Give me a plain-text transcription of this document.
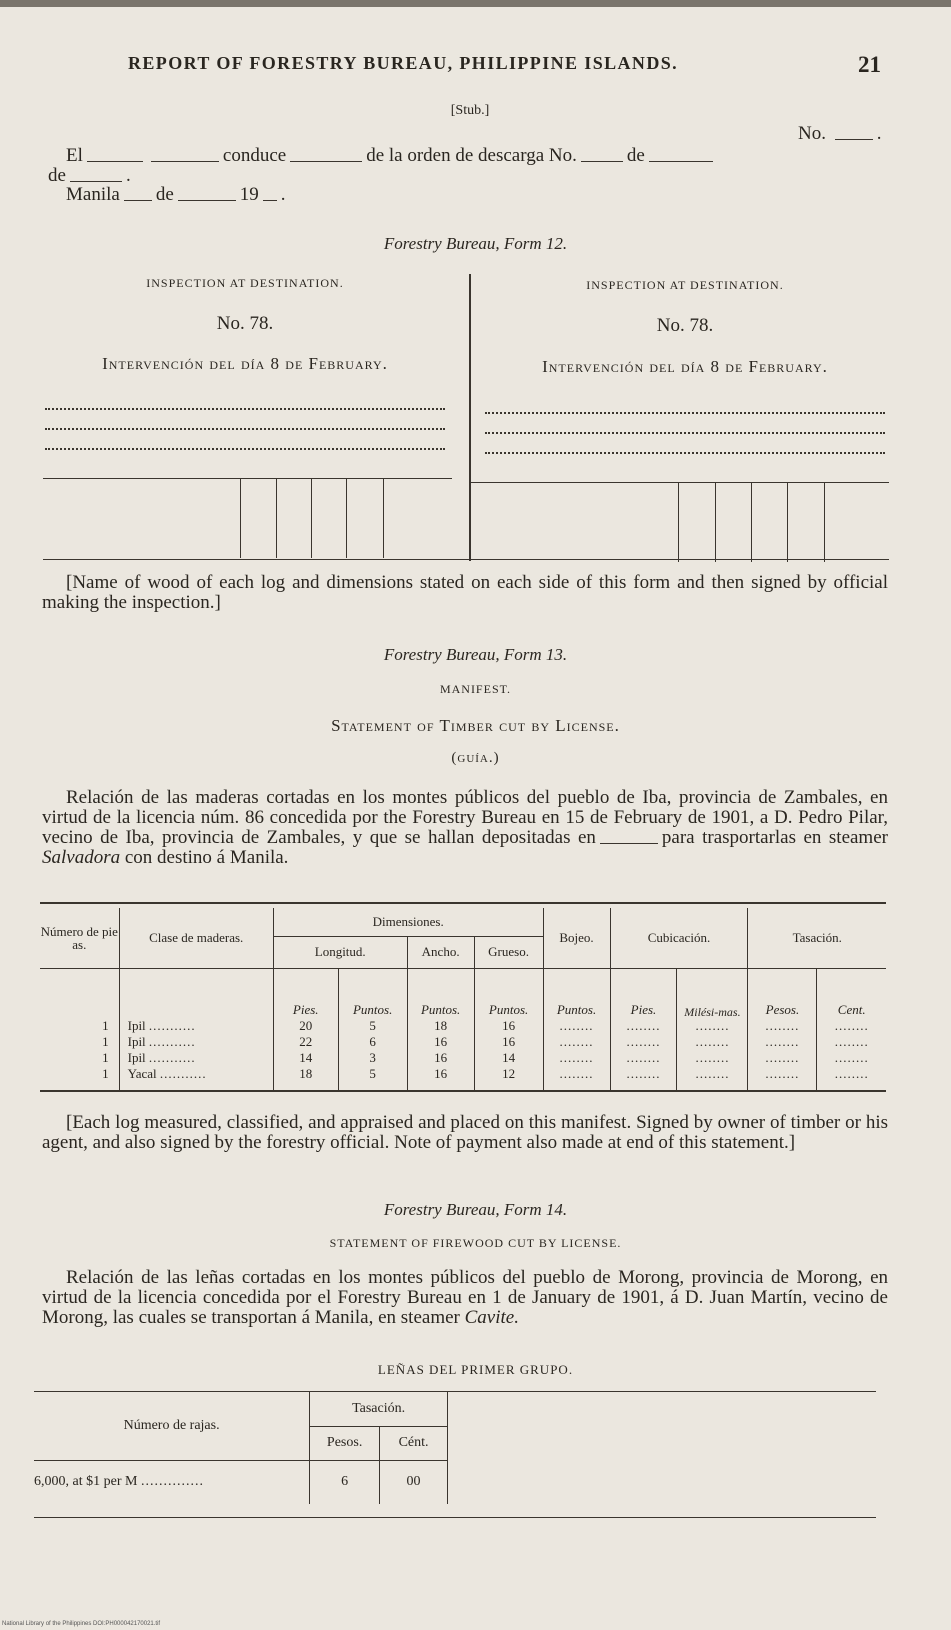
REPORT OF FORESTRY BUREAU, PHILIPPINE ISLANDS.	21
[Stub.]
No.	.
El	conduce	de la orden de descarga No.	de
de	.
Manila de	19 .
Forestry Bureau, Form 12.
INSPECTION AT DESTINATION.
No. 78.
Intervención del día 8 de February.
INSPECTION AT DESTINATION.
No. 78.
Intervención del día 8 de February.
[Name of wood of each log and dimensions stated on each side of this form and then signed by official making the inspection.]
Forestry Bureau, Form 13.
MANIFEST.
Statement of Timber cut by License.
(guía.)
Relación de las maderas cortadas en los montes públicos del pueblo de Iba, provincia de Zambales, en virtud de la licencia núm. 86 concedida por the Forestry Bureau en 15 de February de 1901, a D. Pedro Pilar, vecino de Iba, provincia de Zambales, y que se hallan depositadas en	para trasportarlas en steamer Salvadora con destino á Manila.
Número de pie as.	Clase de maderas.	Dimensiones.				Bojeo.	Cubicación.		Tasación.	
		Longitud.		Ancho.	Grueso.					
		Pies.	Puntos.	Puntos.	Puntos.	Puntos.	Pies.	Milési-mas.	Pesos.	Cent.
1	Ipil ...........	20	5	18	16	........	........	........	........	........
1	Ipil ...........	22	6	16	16	........	........	........	........	........
1	Ipil ...........	14	3	16	14	........	........	........	........	........
1	Yacal ...........	18	5	16	12	........	........	........	........	........

[Each log measured, classified, and appraised and placed on this manifest. Signed by owner of timber or his agent, and also signed by the forestry official. Note of payment also made at end of this statement.]
Forestry Bureau, Form 14.
STATEMENT OF FIREWOOD CUT BY LICENSE.
Relación de las leñas cortadas en los montes públicos del pueblo de Morong, provincia de Morong, en virtud de la licencia concedida por el Forestry Bureau en 1 de January de 1901, á D. Juan Martín, vecino de Morong, las cuales se transportan á Manila, en steamer Cavite.
LEÑAS DEL PRIMER GRUPO.
Número de rajas.	Tasación.	
	Pesos.	Cént.
6,000, at $1 per M ..............	6	00
National Library of the Philippines DOI:PH000042170021.tif
